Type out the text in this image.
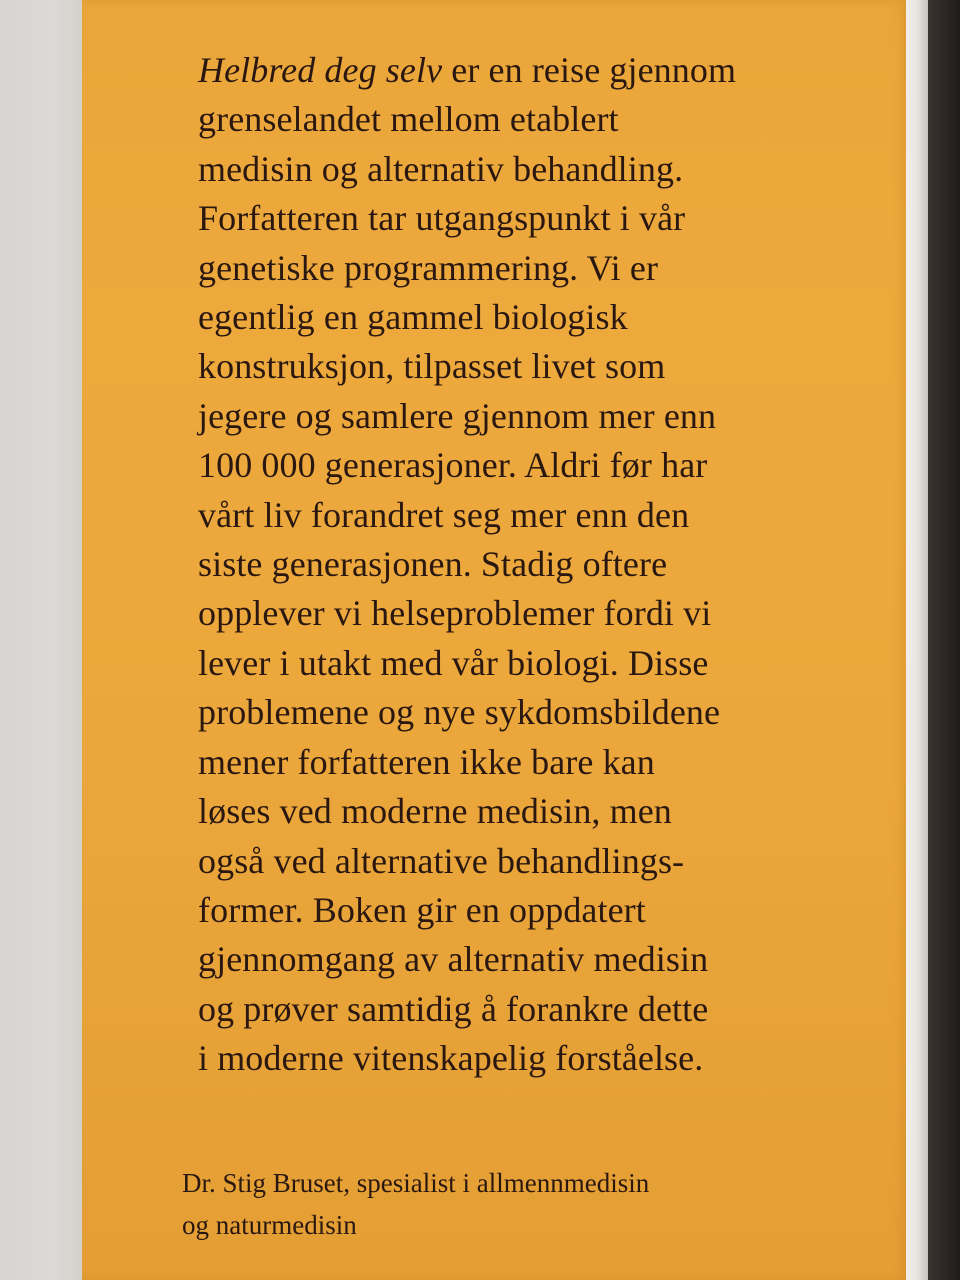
Helbred deg selv er en reise gjennom
grenselandet mellom etablert
medisin og alternativ behandling.
Forfatteren tar utgangspunkt i vår
genetiske programmering. Vi er
egentlig en gammel biologisk
konstruksjon, tilpasset livet som
jegere og samlere gjennom mer enn
100 000 generasjoner. Aldri før har
vårt liv forandret seg mer enn den
siste generasjonen. Stadig oftere
opplever vi helseproblemer fordi vi
lever i utakt med vår biologi. Disse
problemene og nye sykdomsbildene
mener forfatteren ikke bare kan
løses ved moderne medisin, men
også ved alternative behandlings-
former. Boken gir en oppdatert
gjennomgang av alternativ medisin
og prøver samtidig å forankre dette
i moderne vitenskapelig forståelse.
Dr. Stig Bruset, spesialist i allmennmedisin
og naturmedisin
